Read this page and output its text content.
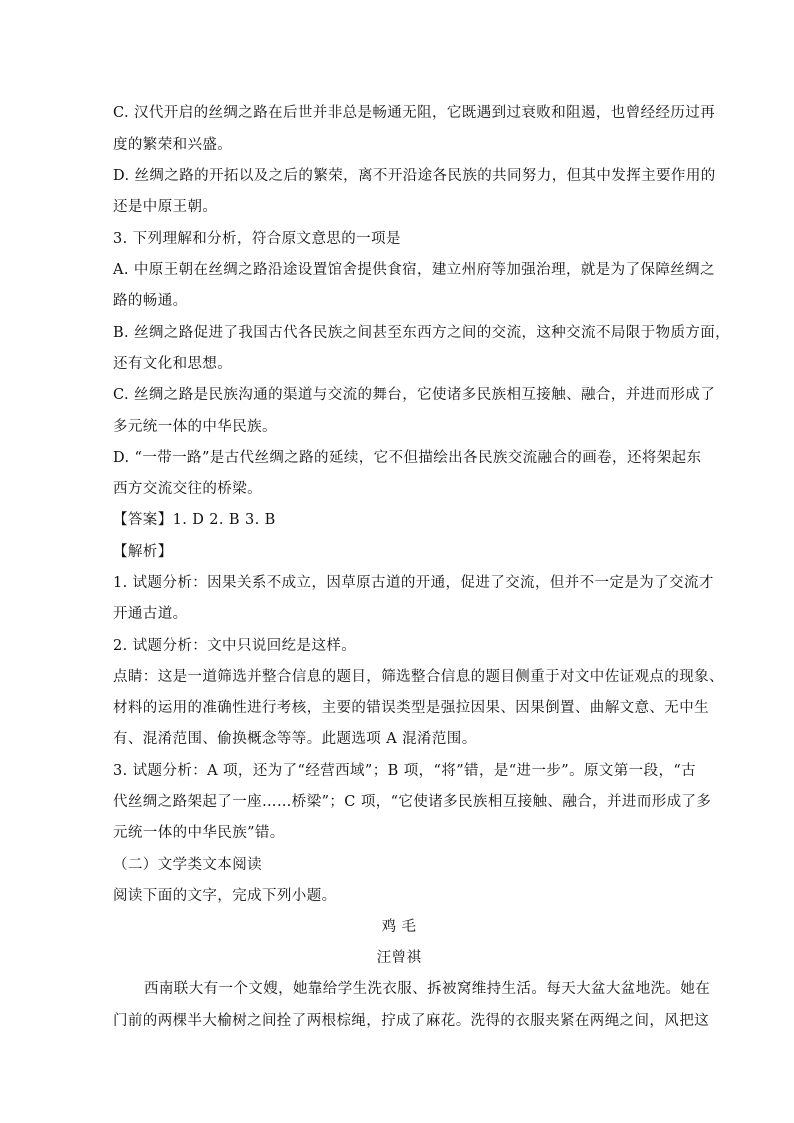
C. 汉代开启的丝绸之路在后世并非总是畅通无阻，它既遇到过衰败和阻遏，也曾经经历过再
度的繁荣和兴盛。
D. 丝绸之路的开拓以及之后的繁荣，离不开沿途各民族的共同努力，但其中发挥主要作用的
还是中原王朝。
3. 下列理解和分析，符合原文意思的一项是
A. 中原王朝在丝绸之路沿途设置馆舍提供食宿，建立州府等加强治理，就是为了保障丝绸之
路的畅通。
B. 丝绸之路促进了我国古代各民族之间甚至东西方之间的交流，这种交流不局限于物质方面，
还有文化和思想。
C. 丝绸之路是民族沟通的渠道与交流的舞台，它使诸多民族相互接触、融合，并进而形成了
多元统一体的中华民族。
D. “一带一路”是古代丝绸之路的延续，它不但描绘出各民族交流融合的画卷，还将架起东
西方交流交往的桥梁。
【答案】1. D 2. B 3. B
【解析】
1. 试题分析：因果关系不成立，因草原古道的开通，促进了交流，但并不一定是为了交流才
开通古道。
2. 试题分析：文中只说回纥是这样。
点睛：这是一道筛选并整合信息的题目，筛选整合信息的题目侧重于对文中佐证观点的现象、
材料的运用的准确性进行考核，主要的错误类型是强拉因果、因果倒置、曲解文意、无中生
有、混淆范围、偷换概念等等。此题选项 A 混淆范围。
3. 试题分析：A 项，还为了“经营西域”；B 项，“将”错，是“进一步”。原文第一段，“古
代丝绸之路架起了一座……桥梁”；C 项，“它使诸多民族相互接触、融合，并进而形成了多
元统一体的中华民族”错。
（二）文学类文本阅读
阅读下面的文字，完成下列小题。
鸡 毛
汪曾祺
西南联大有一个文嫂，她靠给学生洗衣服、拆被窝维持生活。每天大盆大盆地洗。她在
门前的两棵半大榆树之间拴了两根棕绳，拧成了麻花。洗得的衣服夹紧在两绳之间，风把这
